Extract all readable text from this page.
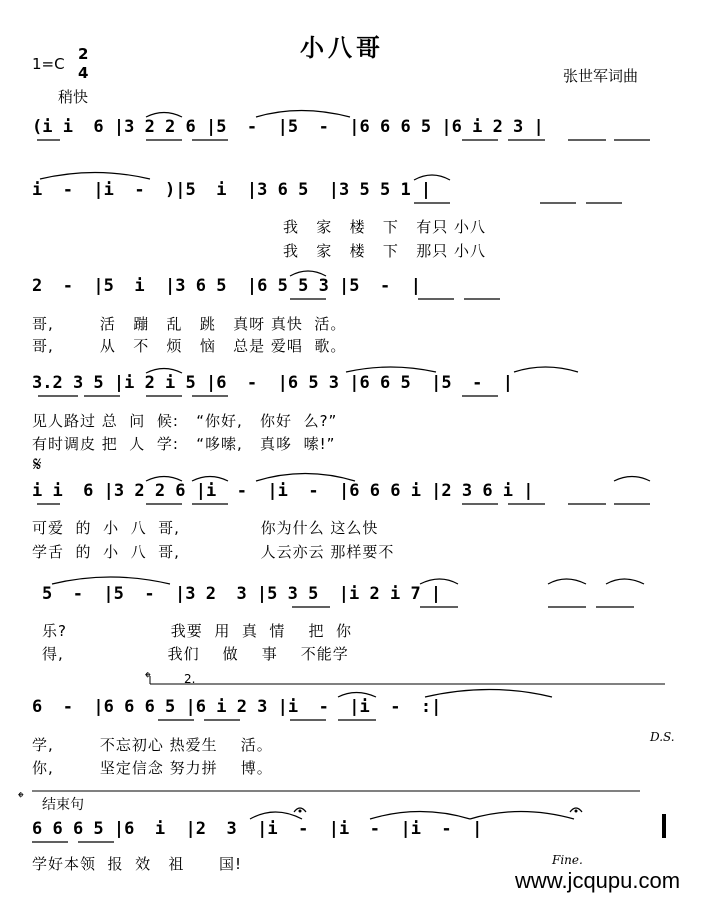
小八哥
1=C
2
4
稍快
张世军词曲
(i i  6 |3 2 2 6 |5  -  |5  -  |6 6 6 5 |6 i 2 3 |
i  -  |i  -  )|5  i  |3 6 5  |3 5 5 1 |
2  -  |5  i  |3 6 5  |6 5 5 3 |5  -  |
3.2 3 5 |i 2 i 5 |6  -  |6 5 3 |6 6 5  |5  -  |
i i  6 |3 2 2 6 |i  -  |i  -  |6 6 6 i |2 3 6 i |
5  -  |5  -  |3 2  3 |5 3 5  |i 2 i 7 |
6  -  |6 6 6 5 |6 i 2 3 |i  -  |i  -  :|
6 6 6 5 |6  i  |2  3  |i  -  |i  -  |i  -  |
我   家   楼   下   有只 小八
我   家   楼   下   那只 小八
哥,        活   蹦   乱   跳   真呀 真快  活。
哥,        从   不   烦   恼   总是 爱唱  歌。
见人路过 总  问  候:   “你好,   你好  么?”
有时调皮 把  人  学:   “哆嗦,   真哆  嗦!”
可爱  的  小  八  哥,              你为什么 这么快
学舌  的  小  八  哥,              人云亦云 那样要不
乐?                  我要  用  真  情    把  你
得,                  我们    做    事    不能学
学,        不忘初心 热爱生    活。
你,        坚定信念 努力拼    博。
学好本领  报  效   祖      国!
𝄋
𝄌	2.
D.S.
𝄌 结束句
Fine.
www.jcqupu.com
